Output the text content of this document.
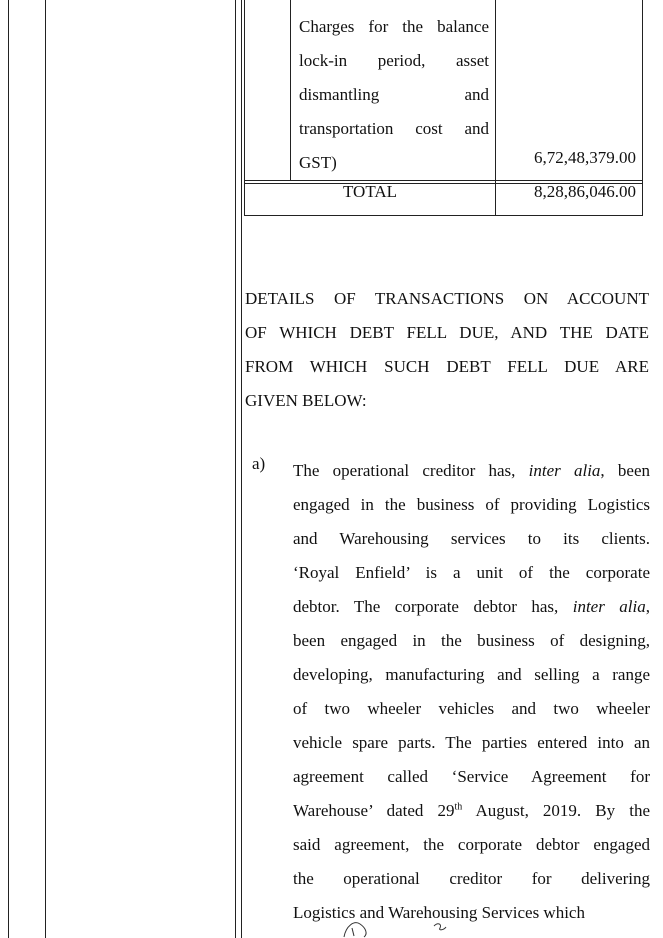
Charges for the balance
lock-in period, asset
dismantling and
transportation cost and
GST)	6,72,48,379.00
TOTAL	8,28,86,046.00
DETAILS OF TRANSACTIONS ON ACCOUNT
OF WHICH DEBT FELL DUE, AND THE DATE
FROM WHICH SUCH DEBT FELL DUE ARE
GIVEN BELOW:
a) The operational creditor has, inter alia, been
engaged in the business of providing Logistics
and Warehousing services to its clients.
‘Royal Enfield’ is a unit of the corporate
debtor. The corporate debtor has, inter alia,
been engaged in the business of designing,
developing, manufacturing and selling a range
of two wheeler vehicles and two wheeler
vehicle spare parts. The parties entered into an
agreement called ‘Service Agreement for
Warehouse’ dated 29th August, 2019. By the
said agreement, the corporate debtor engaged
the operational creditor for delivering
Logistics and Warehousing Services which
